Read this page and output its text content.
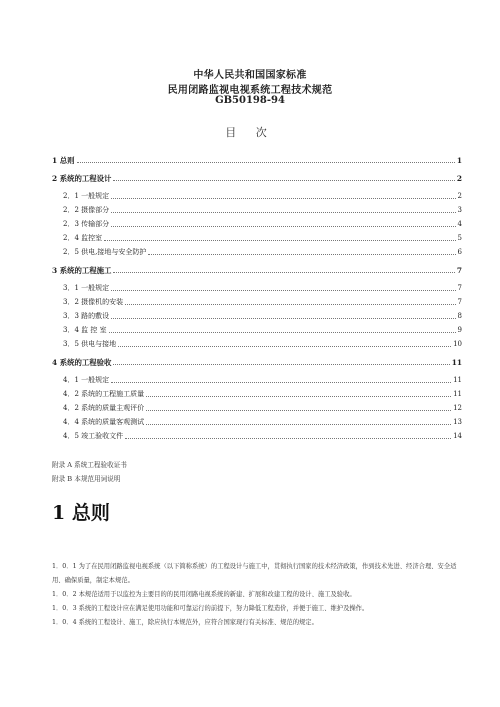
中华人民共和国国家标准
民用闭路监视电视系统工程技术规范
GB50198-94
目 次
1 总则	1
2 系统的工程设计	2
2．1 一般规定	2
2．2 摄像部分	3
2．3 传输部分	4
2．4 监控室	5
2．5 供电,接地与安全防护	6
3 系统的工程施工	7
3．1 一般规定	7
3．2 摄像机的安装	7
3．3 路的敷设	8
3．4 监 控 室	9
3．5 供电与接地	10
4 系统的工程验收	11
4．1 一般规定	11
4．2 系统的工程施工质量	11
4．2 系统的质量主观评价	12
4．4 系统的质量客观测试	13
4．5 竣工验收文件	14
附录 A 系统工程验收证书
附录 B 本规范用词说明
1 总则
1．0．1 为了在民用闭路监视电视系统（以下简称系统）的工程设计与施工中，贯彻执行国家的技术经济政策，作到技术先进、经济合理、安全适用、确保质量，制定本规范。
1．0．2 本规范适用于以监控为主要目的的民用闭路电视系统的新建、扩展和改建工程的设计、施工及验收。
1．0．3 系统的工程设计应在满足使用功能和可靠运行的前提下，努力降低工程造价，并便于施工、维护及操作。
1．0．4 系统的工程设计、施工，除应执行本规范外，应符合国家现行有关标准、规范的规定。
